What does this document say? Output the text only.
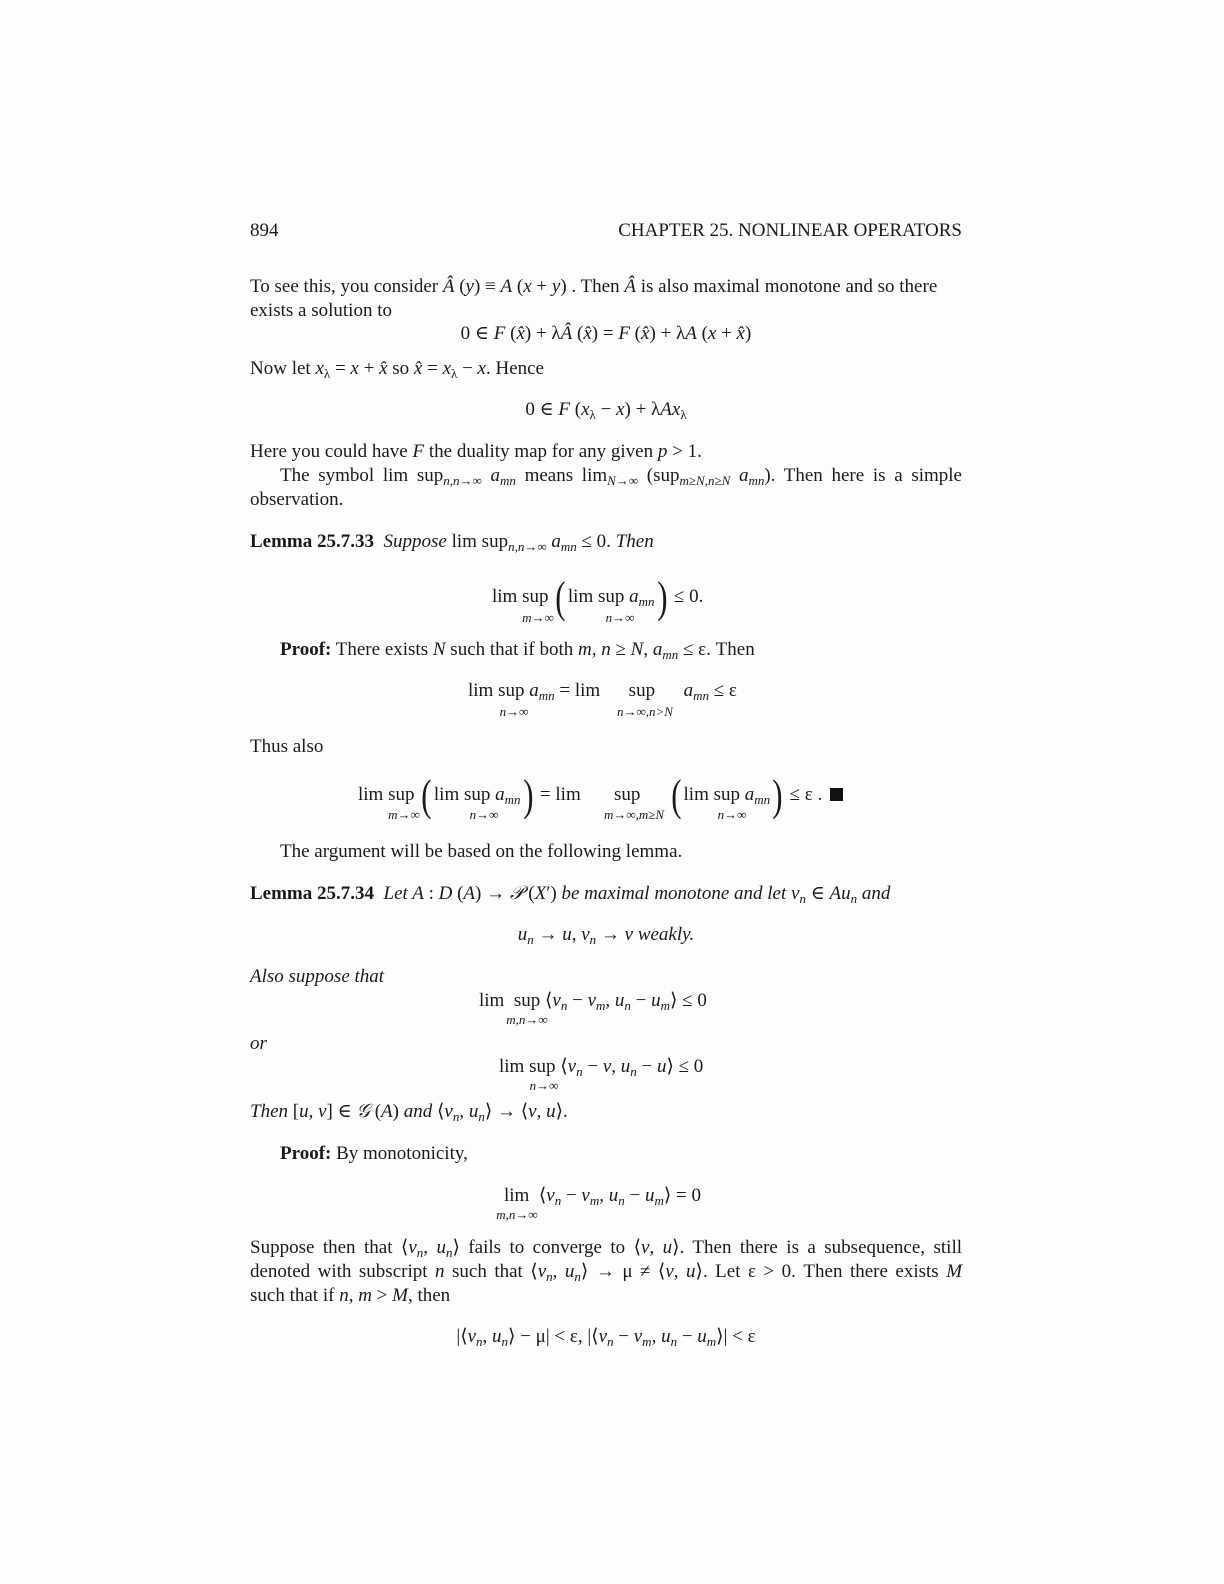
894	CHAPTER 25. NONLINEAR OPERATORS
To see this, you consider Â (y) ≡ A (x + y) . Then Â is also maximal monotone and so there
exists a solution to
0 ∈ F (x̂) + λÂ (x̂) = F (x̂) + λA (x + x̂)
Now let $x_\lambda = x$ + x̂ so x̂ = $x_\lambda - x$. Hence
0 ∈ F $(x_\lambda - x) + \lambda Ax_\lambda$
Here you could have F the duality map for any given p > 1.
The symbol lim sup$_{n,n\to\infty}$ $a_{mn}$ means $\lim_{N\to\infty} (sup_{m\ge N,n\ge N}$ $a_{mn}$). Then here is a simple
observation.
Lemma 25.7.33 Suppose lim sup$_{n,n\to\infty}$ $a_{mn} \le 0$. Then
lim sup ( lim sup $a_{mn}) \le 0$.
m→∞	n→∞
Proof: There exists N such that if both m, n ≥ N, $a_{mn} \le \varepsilon$. Then
lim sup $a_{mn} = \lim$      sup      $a_{mn} \le \varepsilon$
n→∞	n→∞,n>N
Thus also
lim sup ( lim sup $a_{mn}) = \lim$       sup      ( lim sup $a_{mn}) \le \varepsilon$ .
m→∞	n→∞	m→∞,m≥N	n→∞
The argument will be based on the following lemma.
Lemma 25.7.34 Let A : D (A) → 𝒫 (X′) be maximal monotone and let $v_n$ ∈ $Au_n$ and
$u_n \to u$, $v_n \to v$ weakly.
Also suppose that
lim  sup $⟨v_n - v_m$, $u_n$ − $u_m⟩ \le 0$
m,n→∞
or
lim sup $⟨v_n - v$, $u_n$ − u⟩ ≤ 0
n→∞
Then [u, v] ∈ 𝒢 (A) and $⟨v_n$, $u_n⟩$ → ⟨v, u⟩.
Proof: By monotonicity,
$\lim ⟨v_n - v_m$, $u_n$ − $u_m⟩ = 0$
m,n→∞
Suppose then that $⟨v_n$, $u_n⟩$ fails to converge to ⟨v, u⟩. Then there is a subsequence, still
denoted with subscript n such that $⟨v_n$, $u_n⟩ \to \mu$ ≠ ⟨v, u⟩. Let ε > 0. Then there exists M
such that if n, m > M, then
$|⟨v_n$, $u_n⟩ - \mu| < \varepsilon$, $|⟨v_n - v_m$, $u_n$ − $u_m⟩| < \varepsilon$
